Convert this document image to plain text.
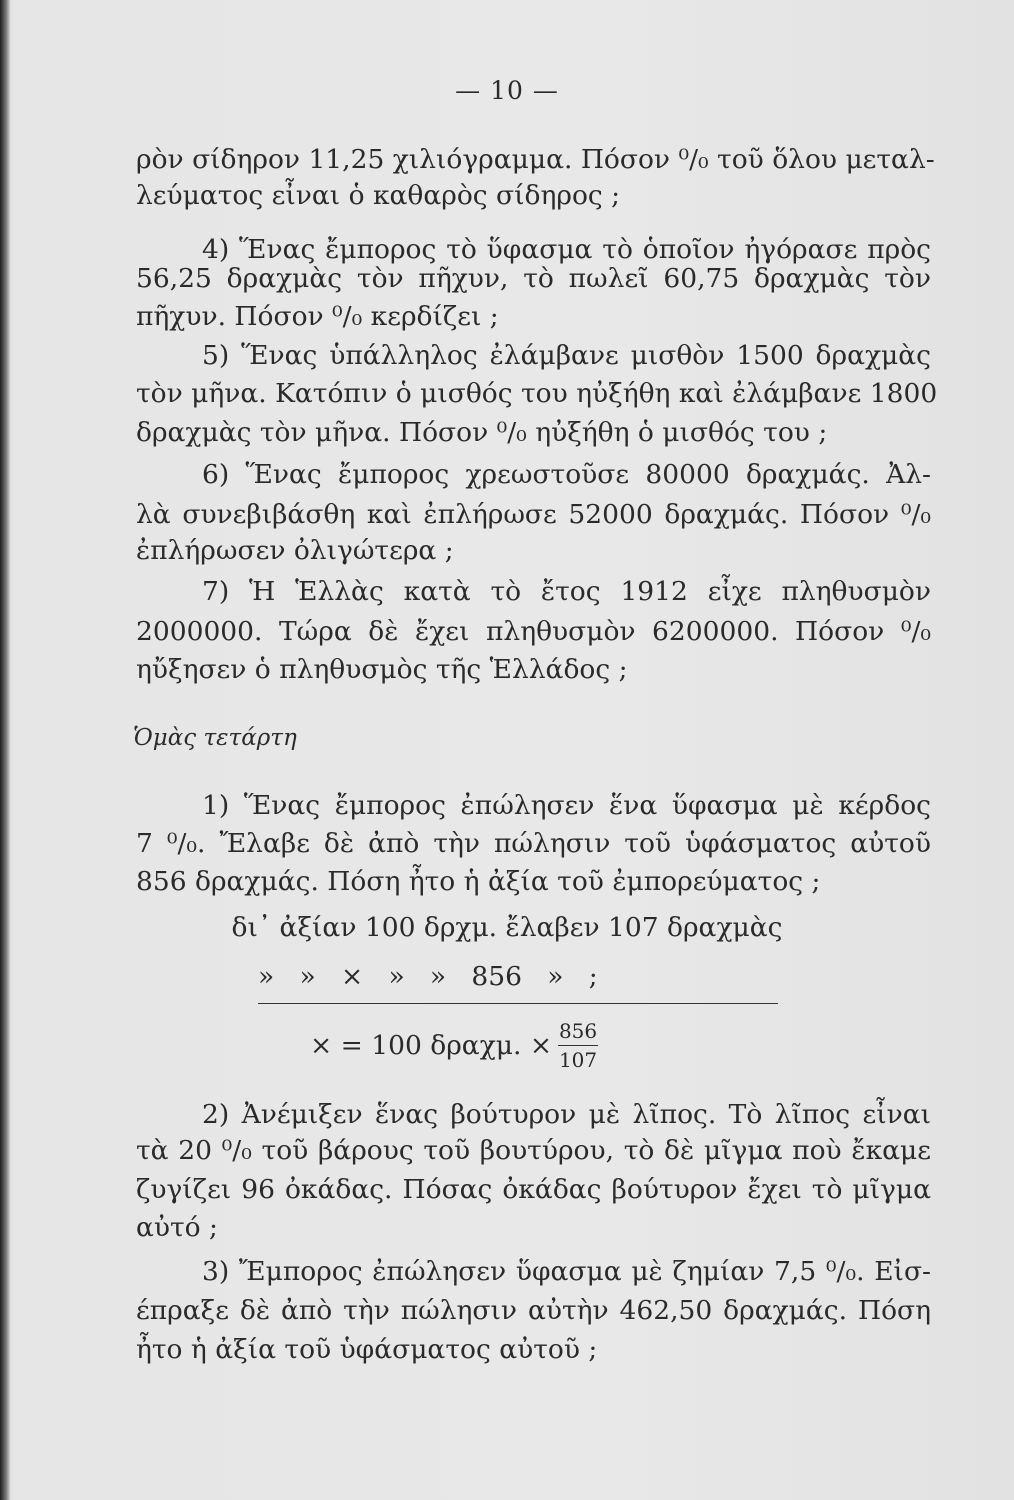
— 10 —
ρὸν σίδηρον 11,25 χιλιόγραμμα. Πόσον ⁰/₀ τοῦ ὅλου μεταλ-
λεύματος εἶναι ὁ καθαρὸς σίδηρος ;
4) Ἕνας ἔμπορος τὸ ὕφασμα τὸ ὁποῖον ἠγόρασε πρὸς
56,25 δραχμὰς τὸν πῆχυν, τὸ πωλεῖ 60,75 δραχμὰς τὸν
πῆχυν. Πόσον ⁰/₀ κερδίζει ;
5) Ἕνας ὑπάλληλος ἐλάμβανε μισθὸν 1500 δραχμὰς
τὸν μῆνα. Κατόπιν ὁ μισθός του ηὐξήθη καὶ ἐλάμβανε 1800
δραχμὰς τὸν μῆνα. Πόσον ⁰/₀ ηὐξήθη ὁ μισθός του ;
6) Ἕνας ἔμπορος χρεωστοῦσε 80000 δραχμάς. Ἀλ-
λὰ συνεβιβάσθη καὶ ἐπλήρωσε 52000 δραχμάς. Πόσον ⁰/₀
ἐπλήρωσεν ὀλιγώτερα ;
7) Ἡ Ἑλλὰς κατὰ τὸ ἔτος 1912 εἶχε πληθυσμὸν
2000000. Τώρα δὲ ἔχει πληθυσμὸν 6200000. Πόσον ⁰/₀
ηὔξησεν ὁ πληθυσμὸς τῆς Ἑλλάδος ;
Ὁμὰς τετάρτη
1) Ἕνας ἔμπορος ἐπώλησεν ἕνα ὕφασμα μὲ κέρδος
7 ⁰/₀. Ἔλαβε δὲ ἀπὸ τὴν πώλησιν τοῦ ὑφάσματος αὐτοῦ
856 δραχμάς. Πόση ἦτο ἡ ἀξία τοῦ ἐμπορεύματος ;
δι᾽ ἀξίαν 100 δρχμ. ἔλαβεν 107 δραχμὰς
»   »   ×   »   »   856   »   ;
× = 100 δραχμ. × $\frac{856}{107}$
2) Ἀνέμιξεν ἕνας βούτυρον μὲ λῖπος. Τὸ λῖπος εἶναι
τὰ 20 ⁰/₀ τοῦ βάρους τοῦ βουτύρου, τὸ δὲ μῖγμα ποὺ ἔκαμε
ζυγίζει 96 ὀκάδας. Πόσας ὀκάδας βούτυρον ἔχει τὸ μῖγμα
αὐτό ;
3) Ἔμπορος ἐπώλησεν ὕφασμα μὲ ζημίαν 7,5 ⁰/₀. Εἰσ-
έπραξε δὲ ἀπὸ τὴν πώλησιν αὐτὴν 462,50 δραχμάς. Πόση
ἦτο ἡ ἀξία τοῦ ὑφάσματος αὐτοῦ ;
